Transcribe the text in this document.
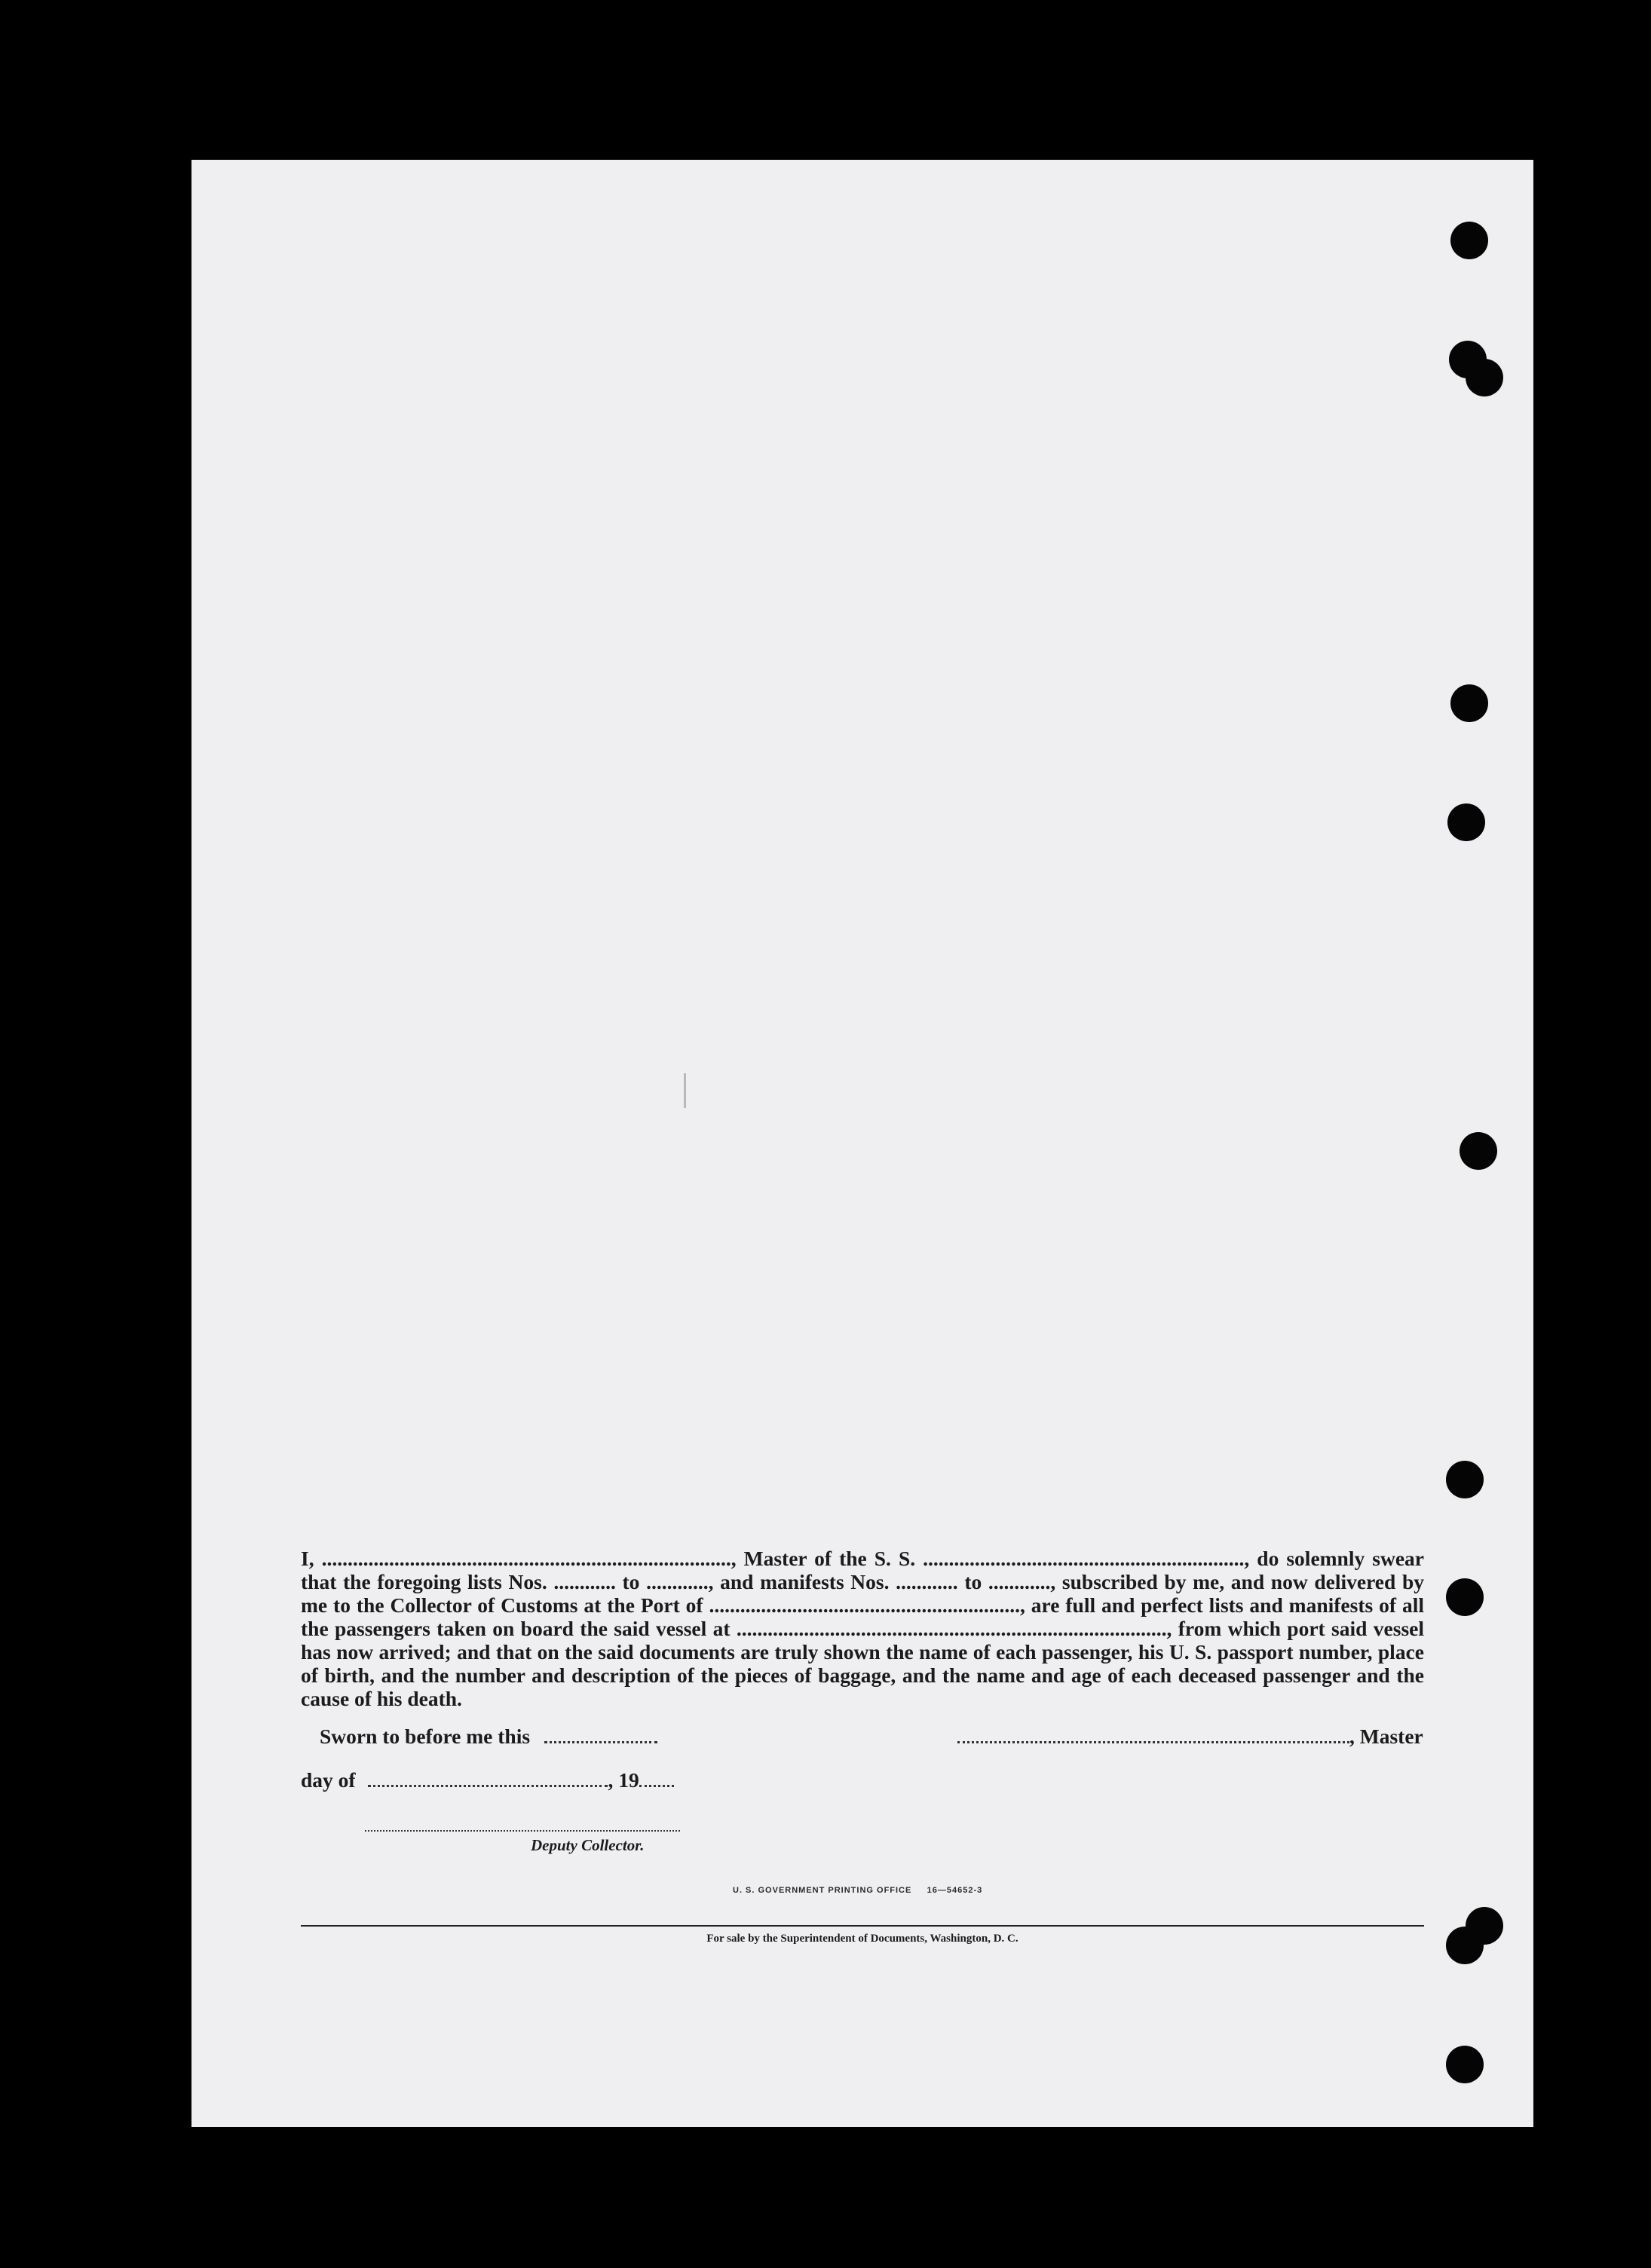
I, ..............................................................................., Master of the S. S. .............................................................., do solemnly swear that the foregoing lists Nos. ............ to ............, and manifests Nos. ............ to ............, subscribed by me, and now delivered by me to the Collector of Customs at the Port of ............................................................, are full and perfect lists and manifests of all the passengers taken on board the said vessel at ..................................................................................., from which port said vessel has now arrived; and that on the said documents are truly shown the name of each passenger, his U. S. passport number, place of birth, and the number and description of the pieces of baggage, and the name and age of each deceased passenger and the cause of his death.

Sworn to before me this	, Master
day of	, 19
Deputy Collector.
U. S. GOVERNMENT PRINTING OFFICE     16—54652-3
For sale by the Superintendent of Documents, Washington, D. C.
